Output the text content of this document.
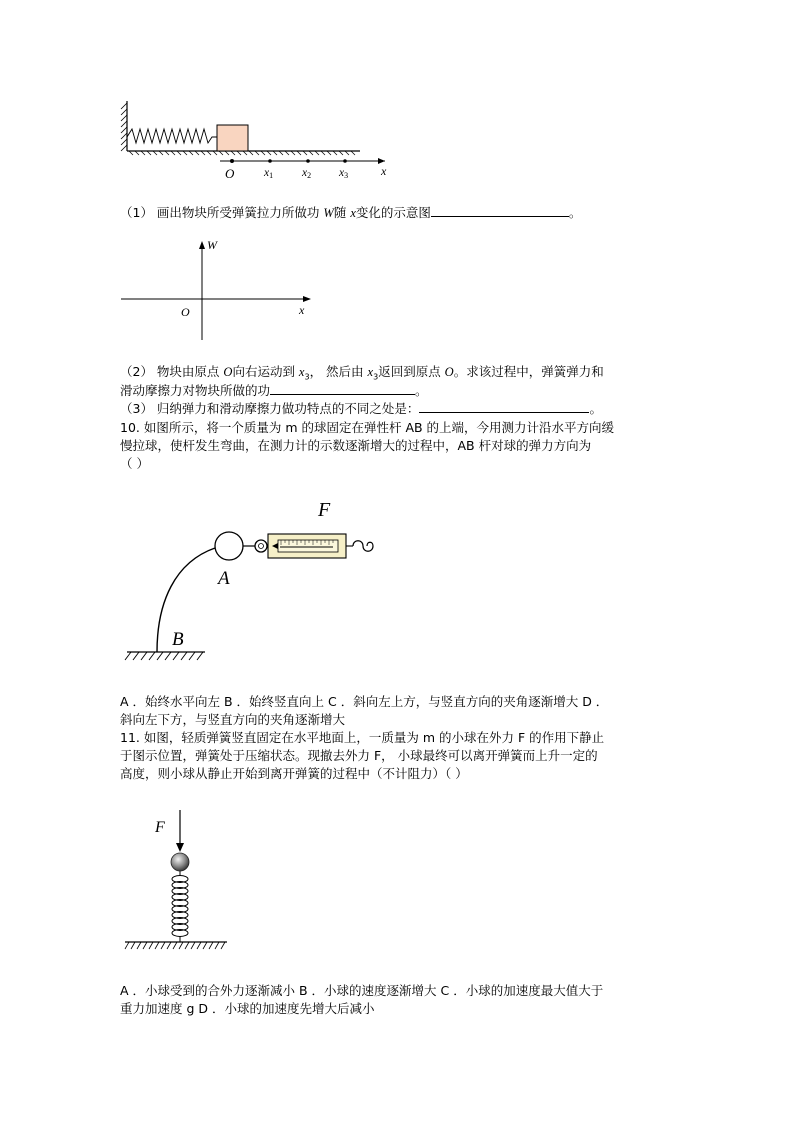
O	x1	x2 x3	x
（1） 画出物块所受弹簧拉力所做功 W随 x变化的示意图	。
W
O	x
（2） 物块由原点 O向右运动到 $x_3$， 然后由 $x_3$返回到原点 O。求该过程中，弹簧弹力和
滑动摩擦力对物块所做的功	。
（3） 归纳弹力和滑动摩擦力做功特点的不同之处是：	。
10. 如图所示，将一个质量为 m 的球固定在弹性杆 AB 的上端，今用测力计沿水平方向缓
慢拉球，使杆发生弯曲，在测力计的示数逐渐增大的过程中，AB 杆对球的弹力方向为
（ ）
F
A
B
A ．始终水平向左 B ．始终竖直向上 C ．斜向左上方，与竖直方向的夹角逐渐增大 D ．
斜向左下方，与竖直方向的夹角逐渐增大
11. 如图，轻质弹簧竖直固定在水平地面上，一质量为 m 的小球在外力 F 的作用下静止
于图示位置，弹簧处于压缩状态。现撤去外力 F， 小球最终可以离开弹簧而上升一定的
高度，则小球从静止开始到离开弹簧的过程中（不计阻力）（ ）
F
A ．小球受到的合外力逐渐减小 B ．小球的速度逐渐增大 C ．小球的加速度最大值大于
重力加速度 g D ．小球的加速度先增大后减小
